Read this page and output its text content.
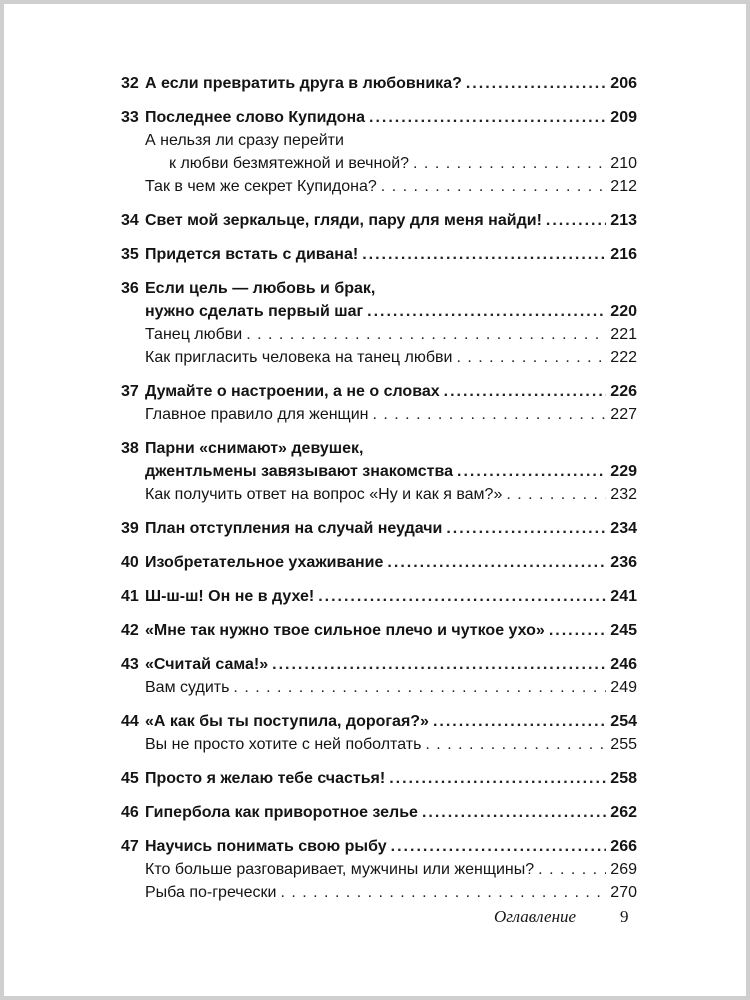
32 А если превратить друга в любовника? .....	206
33 Последнее слово Купидона .....	209
А нельзя ли сразу перейти
к любви безмятежной и вечной? . . .	210
Так в чем же секрет Купидона? . . .	212
34 Свет мой зеркальце, гляди, пару для меня найди! .....	213
35 Придется встать с дивана! .....	216
36 Если цель — любовь и брак,
нужно сделать первый шаг .....	220
Танец любви . . .	221
Как пригласить человека на танец любви . . .	222
37 Думайте о настроении, а не о словах .....	226
Главное правило для женщин . . .	227
38 Парни «снимают» девушек,
джентльмены завязывают знакомства .....	229
Как получить ответ на вопрос «Ну и как я вам?» . . .	232
39 План отступления на случай неудачи .....	234
40 Изобретательное ухаживание .....	236
41 Ш-ш-ш! Он не в духе! .....	241
42 «Мне так нужно твое сильное плечо и чуткое ухо» .....	245
43 «Считай сама!» .....	246
Вам судить . . .	249
44 «А как бы ты поступила, дорогая?» .....	254
Вы не просто хотите с ней поболтать . . .	255
45 Просто я желаю тебе счастья! .....	258
46 Гипербола как приворотное зелье .....	262
47 Научись понимать свою рыбу .....	266
Кто больше разговаривает, мужчины или женщины? . . .	269
Рыба по-гречески . . .	270
Оглавление	9
